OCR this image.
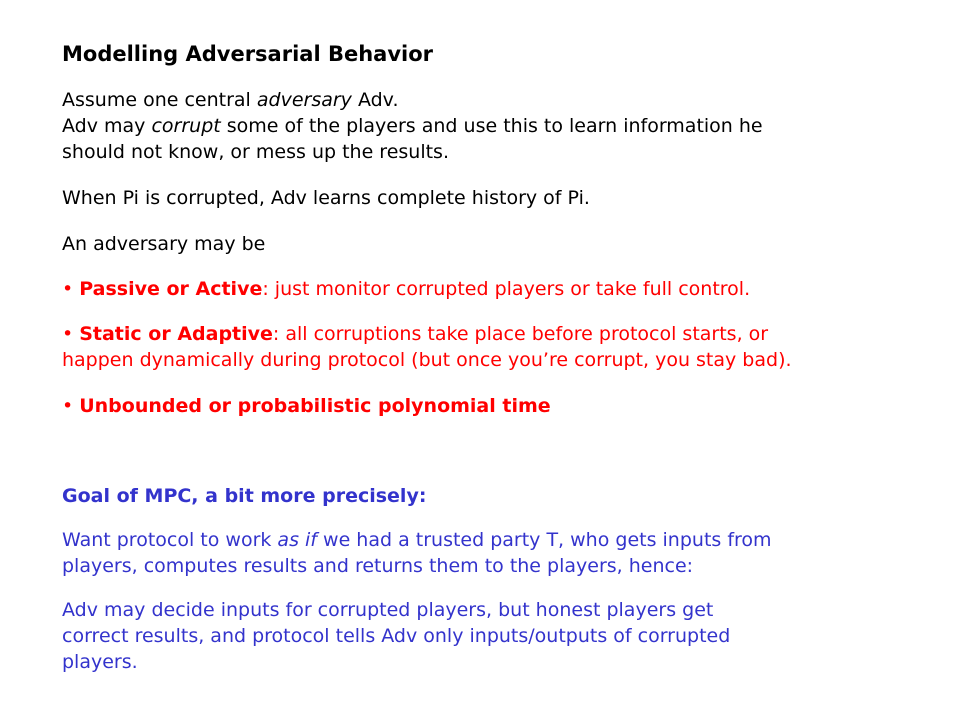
Modelling Adversarial Behavior
Assume one central adversary Adv.
Adv may corrupt some of the players and use this to learn information he
should not know, or mess up the results.
When Pi is corrupted, Adv learns complete history of Pi.
An adversary may be
• Passive or Active: just monitor corrupted players or take full control.
• Static or Adaptive: all corruptions take place before protocol starts, or
happen dynamically during protocol (but once you’re corrupt, you stay bad).
• Unbounded or probabilistic polynomial time
Goal of MPC, a bit more precisely:
Want protocol to work as if we had a trusted party T, who gets inputs from
players, computes results and returns them to the players, hence:
Adv may decide inputs for corrupted players, but honest players get
correct results, and protocol tells Adv only inputs/outputs of corrupted
players.
